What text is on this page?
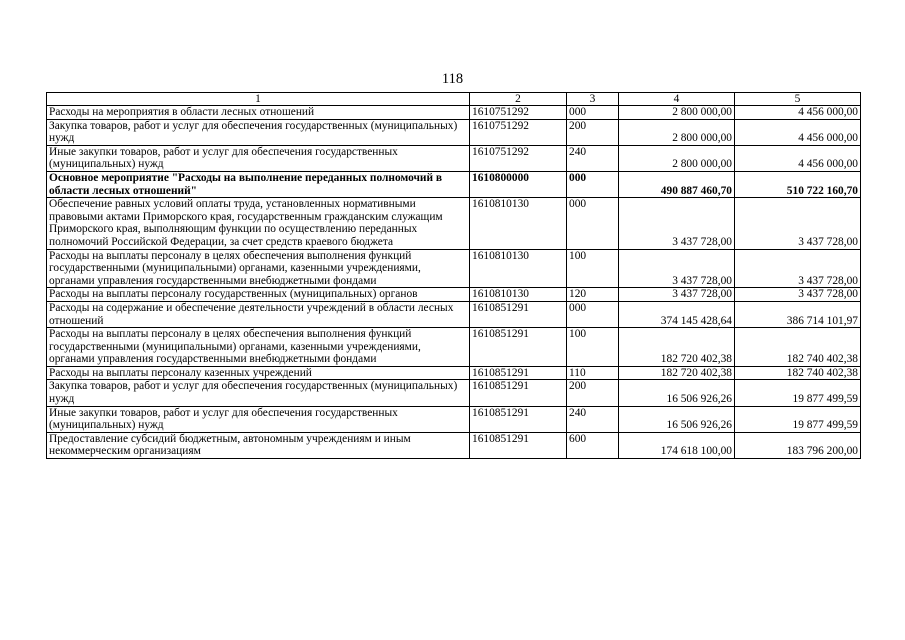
118
1	2	3	4	5
Расходы на мероприятия в области лесных отношений	1610751292	000	2 800 000,00	4 456 000,00
Закупка товаров, работ и услуг для обеспечения государственных (муниципальных) нужд	1610751292	200	2 800 000,00	4 456 000,00
Иные закупки товаров, работ и услуг для обеспечения государственных (муниципальных) нужд	1610751292	240	2 800 000,00	4 456 000,00
Основное мероприятие "Расходы на выполнение переданных полномочий в области лесных отношений"	1610800000	000	490 887 460,70	510 722 160,70
Обеспечение равных условий оплаты труда, установленных нормативными правовыми актами Приморского края, государственным гражданским служащим Приморского края, выполняющим функции по осуществлению переданных полномочий Российской Федерации, за счет средств краевого бюджета	1610810130	000	3 437 728,00	3 437 728,00
Расходы на выплаты персоналу в целях обеспечения выполнения функций государственными (муниципальными) органами, казенными учреждениями, органами управления государственными внебюджетными фондами	1610810130	100	3 437 728,00	3 437 728,00
Расходы на выплаты персоналу государственных (муниципальных) органов	1610810130	120	3 437 728,00	3 437 728,00
Расходы на содержание и обеспечение деятельности учреждений в области лесных отношений	1610851291	000	374 145 428,64	386 714 101,97
Расходы на выплаты персоналу в целях обеспечения выполнения функций государственными (муниципальными) органами, казенными учреждениями, органами управления государственными внебюджетными фондами	1610851291	100	182 720 402,38	182 740 402,38
Расходы на выплаты персоналу казенных учреждений	1610851291	110	182 720 402,38	182 740 402,38
Закупка товаров, работ и услуг для обеспечения государственных (муниципальных) нужд	1610851291	200	16 506 926,26	19 877 499,59
Иные закупки товаров, работ и услуг для обеспечения государственных (муниципальных) нужд	1610851291	240	16 506 926,26	19 877 499,59
Предоставление субсидий бюджетным, автономным учреждениям и иным некоммерческим организациям	1610851291	600	174 618 100,00	183 796 200,00
